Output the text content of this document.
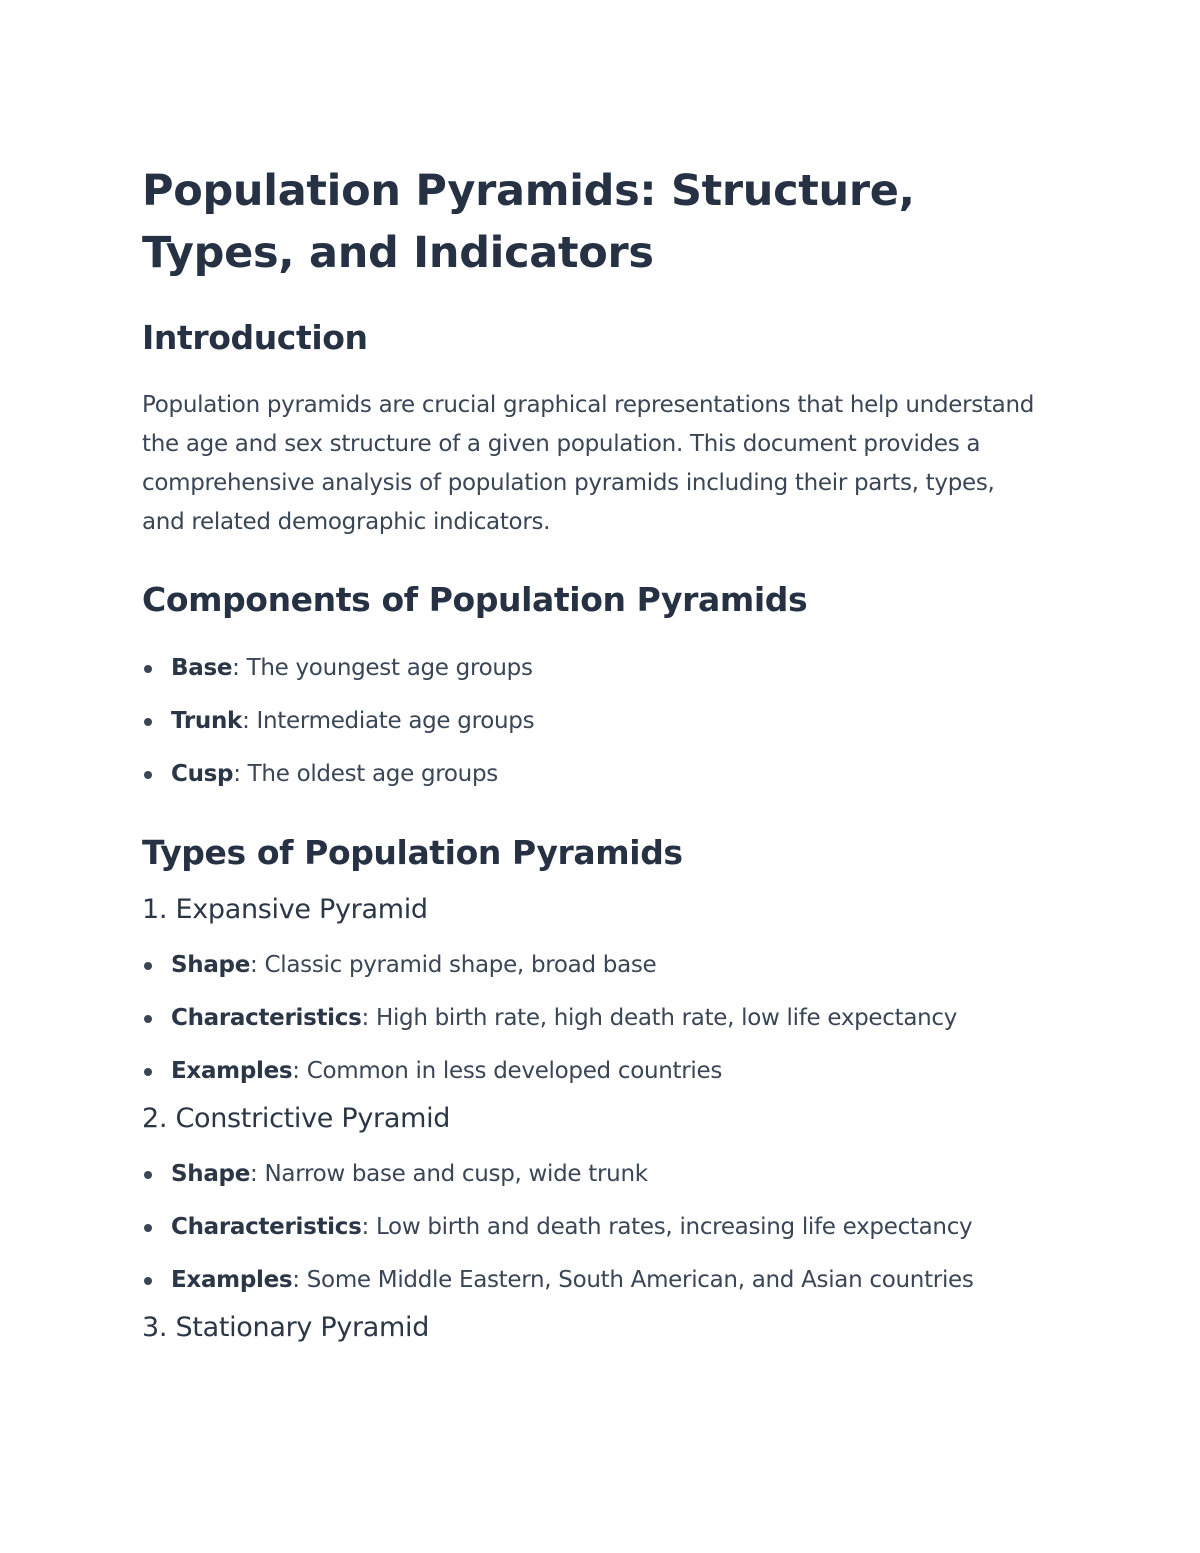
Population Pyramids: Structure, Types, and Indicators
Introduction

Population pyramids are crucial graphical representations that help understand the age and sex structure of a given population. This document provides a comprehensive analysis of population pyramids including their parts, types, and related demographic indicators.

Components of Population Pyramids
Base: The youngest age groups
Trunk: Intermediate age groups
Cusp: The oldest age groups
Types of Population Pyramids
1. Expansive Pyramid
Shape: Classic pyramid shape, broad base
Characteristics: High birth rate, high death rate, low life expectancy
Examples: Common in less developed countries
2. Constrictive Pyramid
Shape: Narrow base and cusp, wide trunk
Characteristics: Low birth and death rates, increasing life expectancy
Examples: Some Middle Eastern, South American, and Asian countries
3. Stationary Pyramid
